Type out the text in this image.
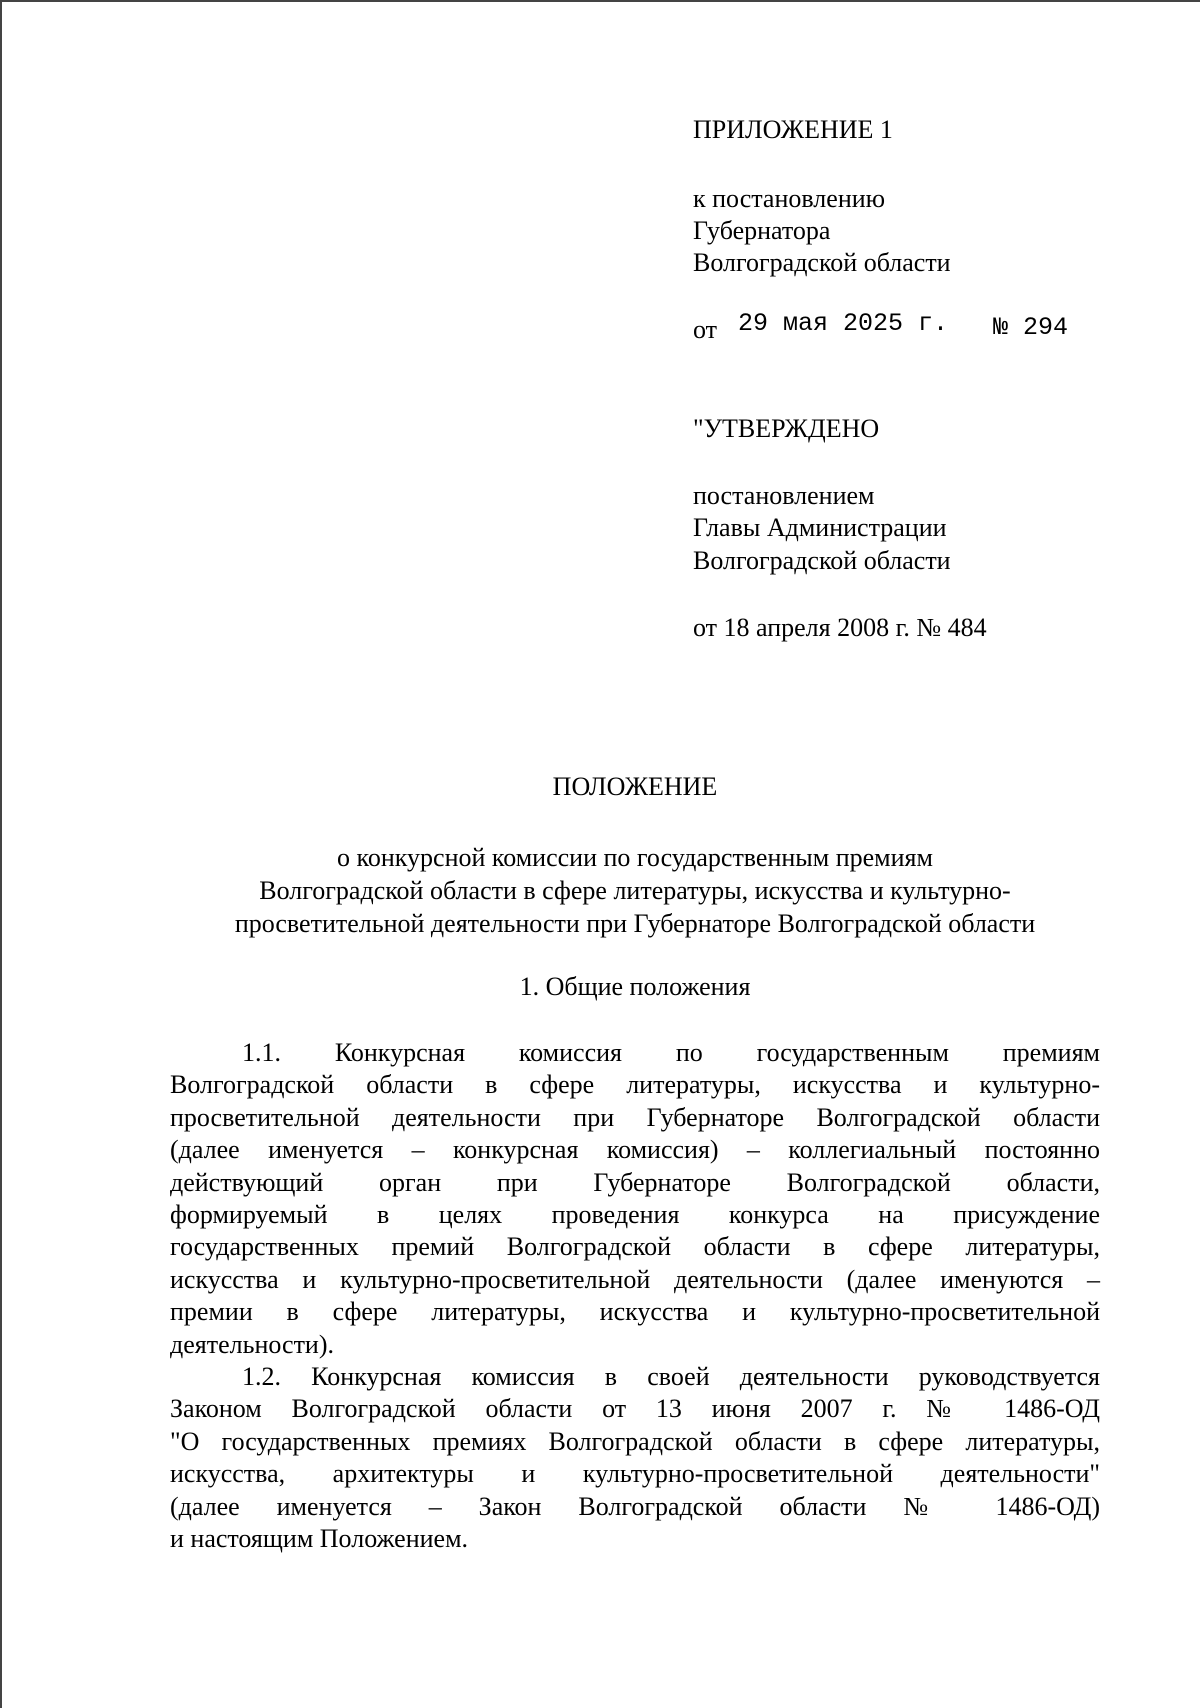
ПРИЛОЖЕНИЕ 1
к постановлению
Губернатора
Волгоградской области
от 29 мая 2025 г. № 294
"УТВЕРЖДЕНО
постановлением
Главы Администрации
Волгоградской области
от 18 апреля 2008 г. № 484
ПОЛОЖЕНИЕ
о конкурсной комиссии по государственным премиям
Волгоградской области в сфере литературы, искусства и культурно-
просветительной деятельности при Губернаторе Волгоградской области
1. Общие положения
1.1. Конкурсная комиссия по государственным премиям
Волгоградской области в сфере литературы, искусства и культурно-
просветительной деятельности при Губернаторе Волгоградской области
(далее именуется – конкурсная комиссия) – коллегиальный постоянно
действующий орган при Губернаторе Волгоградской области,
формируемый в целях проведения конкурса на присуждение
государственных премий Волгоградской области в сфере литературы,
искусства и культурно-просветительной деятельности (далее именуются –
премии в сфере литературы, искусства и культурно-просветительной
деятельности).
1.2. Конкурсная комиссия в своей деятельности руководствуется
Законом Волгоградской области от 13 июня 2007 г. № 1486-ОД
"О государственных премиях Волгоградской области в сфере литературы,
искусства, архитектуры и культурно-просветительной деятельности"
(далее именуется – Закон Волгоградской области № 1486-ОД)
и настоящим Положением.
